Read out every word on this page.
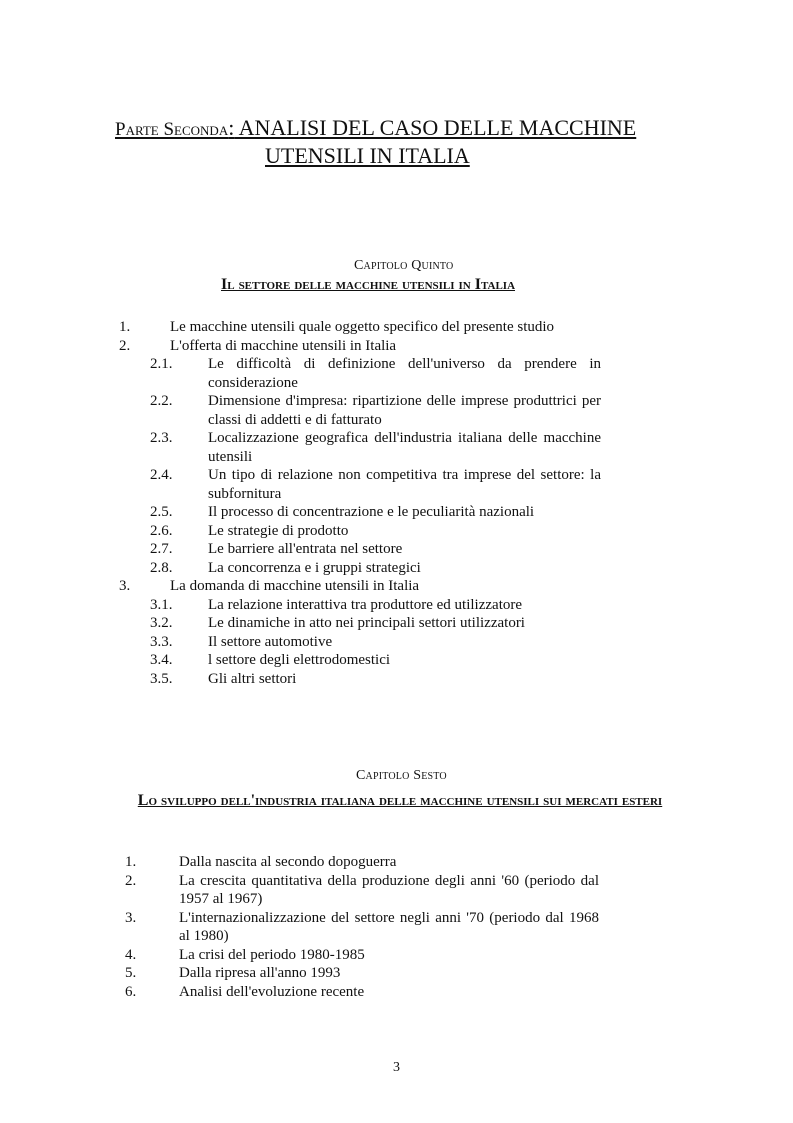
Parte Seconda: ANALISI DEL CASO DELLE MACCHINE
UTENSILI IN ITALIA
Capitolo Quinto
Il settore delle macchine utensili in Italia
1.	Le macchine utensili quale oggetto specifico del presente studio
2.	L'offerta di macchine utensili in Italia
2.1. Le difficoltà di definizione dell'universo da prendere in considerazione
2.2. Dimensione d'impresa: ripartizione delle imprese produttrici per classi di addetti e di fatturato
2.3. Localizzazione geografica dell'industria italiana delle macchine utensili
2.4. Un tipo di relazione non competitiva tra imprese del settore: la subfornitura
2.5. Il processo di concentrazione e le peculiarità nazionali
2.6. Le strategie di prodotto
2.7. Le barriere all'entrata nel settore
2.8. La concorrenza e i gruppi strategici
3.	La domanda di macchine utensili in Italia
3.1. La relazione interattiva tra produttore ed utilizzatore
3.2. Le dinamiche in atto nei principali settori utilizzatori
3.3. Il settore automotive
3.4. l settore degli elettrodomestici
3.5. Gli altri settori
Capitolo Sesto
Lo sviluppo dell'industria italiana delle macchine utensili sui mercati esteri
1.	Dalla nascita al secondo dopoguerra
2.	La crescita quantitativa della produzione degli anni '60 (periodo dal 1957 al 1967)
3.	L'internazionalizzazione del settore negli anni '70 (periodo dal 1968 al 1980)
4.	La crisi del periodo 1980-1985
5.	Dalla ripresa all'anno 1993
6.	Analisi dell'evoluzione recente
3
